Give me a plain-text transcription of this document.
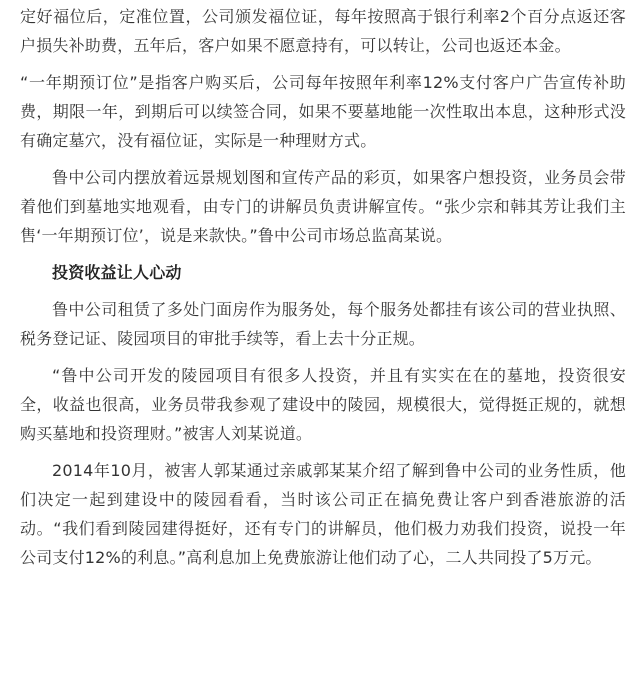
定好福位后，定准位置，公司颁发福位证，每年按照高于银行利率2个百分点返还客户损失补助费，五年后，客户如果不愿意持有，可以转让，公司也返还本金。

“一年期预订位”是指客户购买后，公司每年按照年利率12%支付客户广告宣传补助费，期限一年，到期后可以续签合同，如果不要墓地能一次性取出本息，这种形式没有确定墓穴，没有福位证，实际是一种理财方式。

鲁中公司内摆放着远景规划图和宣传产品的彩页，如果客户想投资，业务员会带着他们到墓地实地观看，由专门的讲解员负责讲解宣传。“张少宗和韩其芳让我们主售‘一年期预订位’，说是来款快。”鲁中公司市场总监高某说。

投资收益让人心动

鲁中公司租赁了多处门面房作为服务处，每个服务处都挂有该公司的营业执照、税务登记证、陵园项目的审批手续等，看上去十分正规。

“鲁中公司开发的陵园项目有很多人投资，并且有实实在在的墓地，投资很安全，收益也很高，业务员带我参观了建设中的陵园，规模很大，觉得挺正规的，就想购买墓地和投资理财。”被害人刘某说道。

2014年10月，被害人郭某通过亲戚郭某某介绍了解到鲁中公司的业务性质，他们决定一起到建设中的陵园看看，当时该公司正在搞免费让客户到香港旅游的活动。“我们看到陵园建得挺好，还有专门的讲解员，他们极力劝我们投资，说投一年公司支付12%的利息。”高利息加上免费旅游让他们动了心，二人共同投了5万元。
